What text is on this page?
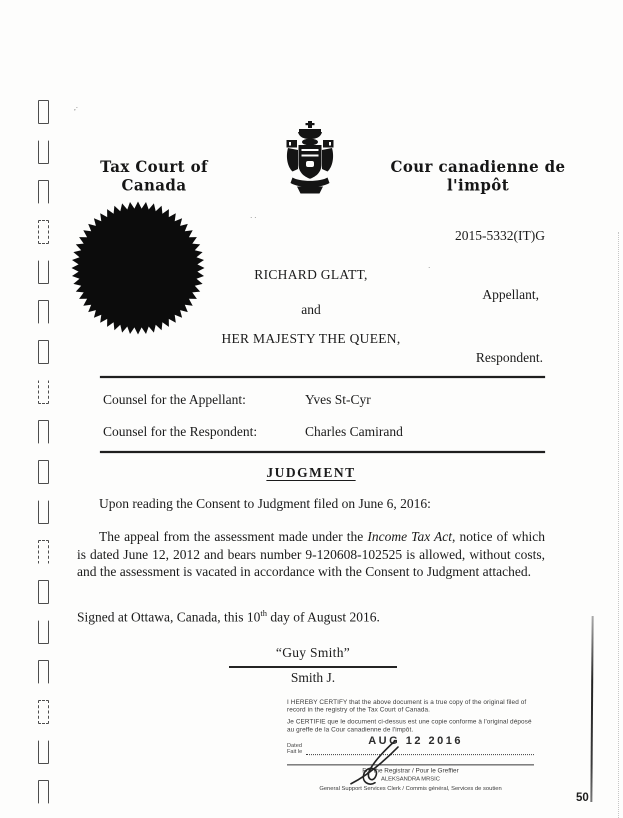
Tax Court of Canada
Cour canadienne de l'impôt
2015-5332(IT)G
RICHARD GLATT,
Appellant,
and
HER MAJESTY THE QUEEN,
Respondent.
Counsel for the Appellant:	Yves St-Cyr
Counsel for the Respondent:	Charles Camirand
JUDGMENT
Upon reading the Consent to Judgment filed on June 6, 2016:
The appeal from the assessment made under the Income Tax Act, notice of which is dated June 12, 2012 and bears number 9-120608-102525 is allowed, without costs, and the assessment is vacated in accordance with the Consent to Judgment attached.
Signed at Ottawa, Canada, this 10th day of August 2016.
“Guy Smith”
Smith J.
I HEREBY CERTIFY that the above document is a true copy of the original filed of record in the registry of the Tax Court of Canada.
Je CERTIFIE que le document ci-dessus est une copie conforme à l'original déposé au greffe de la Cour canadienne de l'impôt.
Dated
Fait le
AUG 12 2016
For the Registrar / Pour le Greffier
ALEKSANDRA MRSIC
General Support Services Clerk / Commis général, Services de soutien
,·
· ·
·
50
